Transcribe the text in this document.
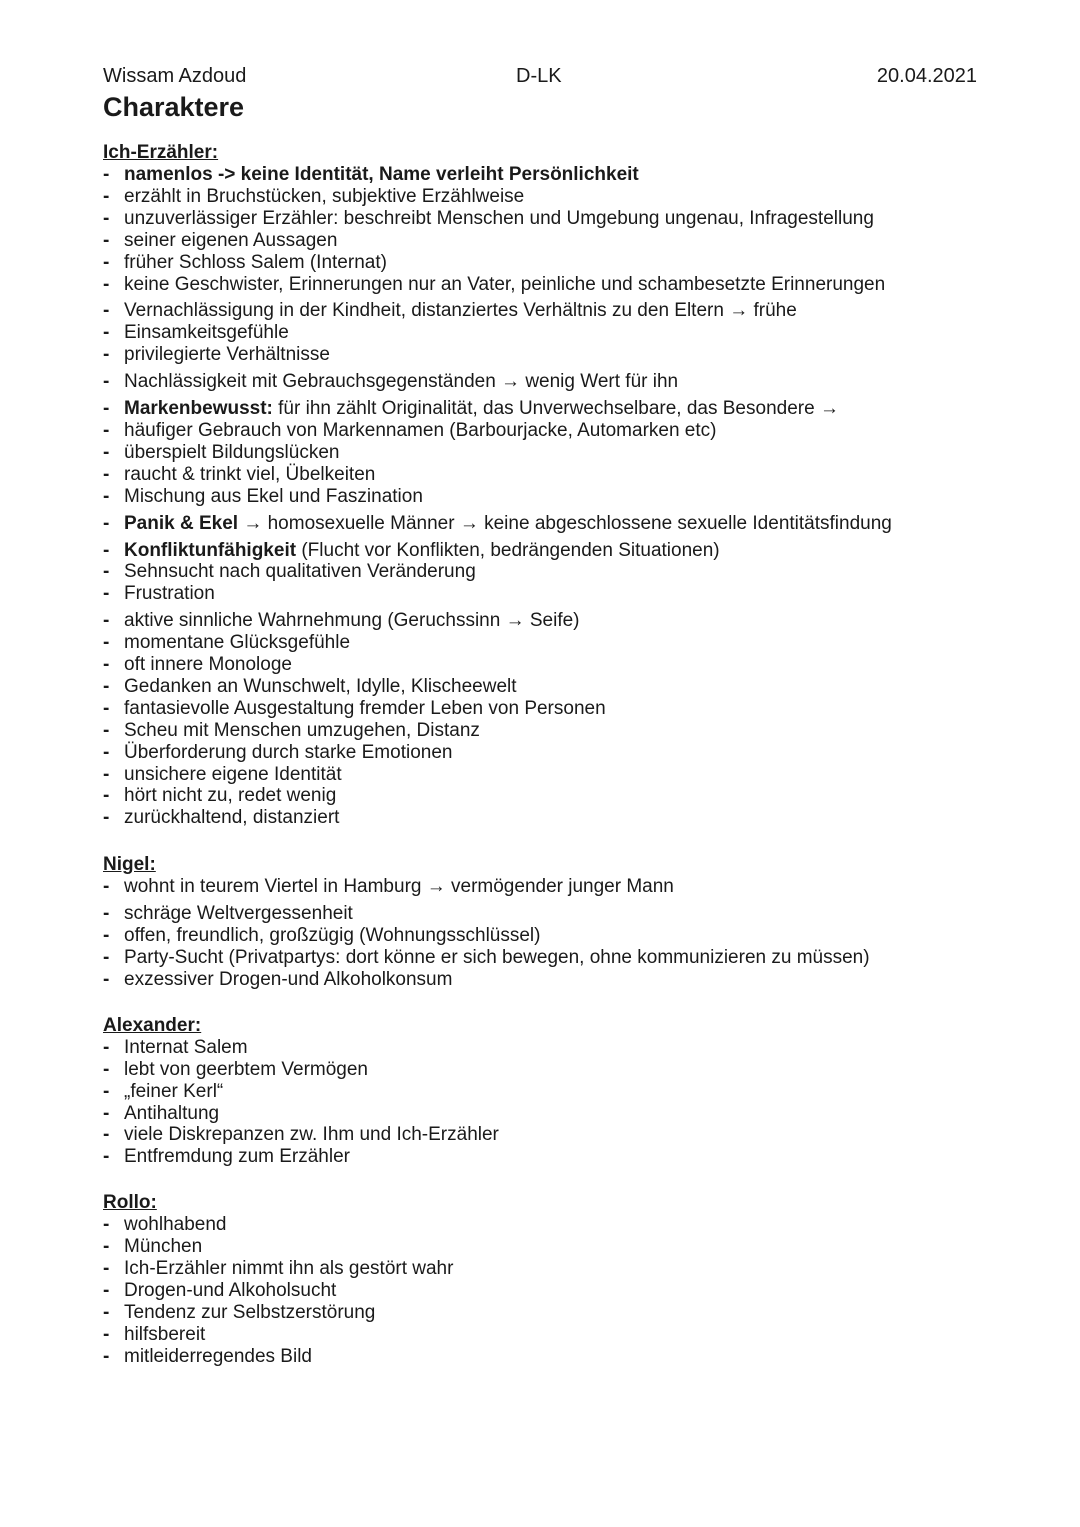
Wissam Azdoud	D-LK	20.04.2021
Charaktere
Ich-Erzähler:
- namenlos -> keine Identität, Name verleiht Persönlichkeit
- erzählt in Bruchstücken, subjektive Erzählweise
- unzuverlässiger Erzähler: beschreibt Menschen und Umgebung ungenau, Infragestellung
- seiner eigenen Aussagen
- früher Schloss Salem (Internat)
- keine Geschwister, Erinnerungen nur an Vater, peinliche und schambesetzte Erinnerungen
- Vernachlässigung in der Kindheit, distanziertes Verhältnis zu den Eltern → frühe
- Einsamkeitsgefühle
- privilegierte Verhältnisse
- Nachlässigkeit mit Gebrauchsgegenständen → wenig Wert für ihn
- Markenbewusst: für ihn zählt Originalität, das Unverwechselbare, das Besondere →
- häufiger Gebrauch von Markennamen (Barbourjacke, Automarken etc)
- überspielt Bildungslücken
- raucht & trinkt viel, Übelkeiten
- Mischung aus Ekel und Faszination
- Panik & Ekel → homosexuelle Männer → keine abgeschlossene sexuelle Identitätsfindung
- Konfliktunfähigkeit (Flucht vor Konflikten, bedrängenden Situationen)
- Sehnsucht nach qualitativen Veränderung
- Frustration
- aktive sinnliche Wahrnehmung (Geruchssinn → Seife)
- momentane Glücksgefühle
- oft innere Monologe
- Gedanken an Wunschwelt, Idylle, Klischeewelt
- fantasievolle Ausgestaltung fremder Leben von Personen
- Scheu mit Menschen umzugehen, Distanz
- Überforderung durch starke Emotionen
- unsichere eigene Identität
- hört nicht zu, redet wenig
- zurückhaltend, distanziert
Nigel:
- wohnt in teurem Viertel in Hamburg → vermögender junger Mann
- schräge Weltvergessenheit
- offen, freundlich, großzügig (Wohnungsschlüssel)
- Party-Sucht (Privatpartys: dort könne er sich bewegen, ohne kommunizieren zu müssen)
- exzessiver Drogen-und Alkoholkonsum
Alexander:
- Internat Salem
- lebt von geerbtem Vermögen
- „feiner Kerl“
- Antihaltung
- viele Diskrepanzen zw. Ihm und Ich-Erzähler
- Entfremdung zum Erzähler
Rollo:
- wohlhabend
- München
- Ich-Erzähler nimmt ihn als gestört wahr
- Drogen-und Alkoholsucht
- Tendenz zur Selbstzerstörung
- hilfsbereit
- mitleiderregendes Bild
